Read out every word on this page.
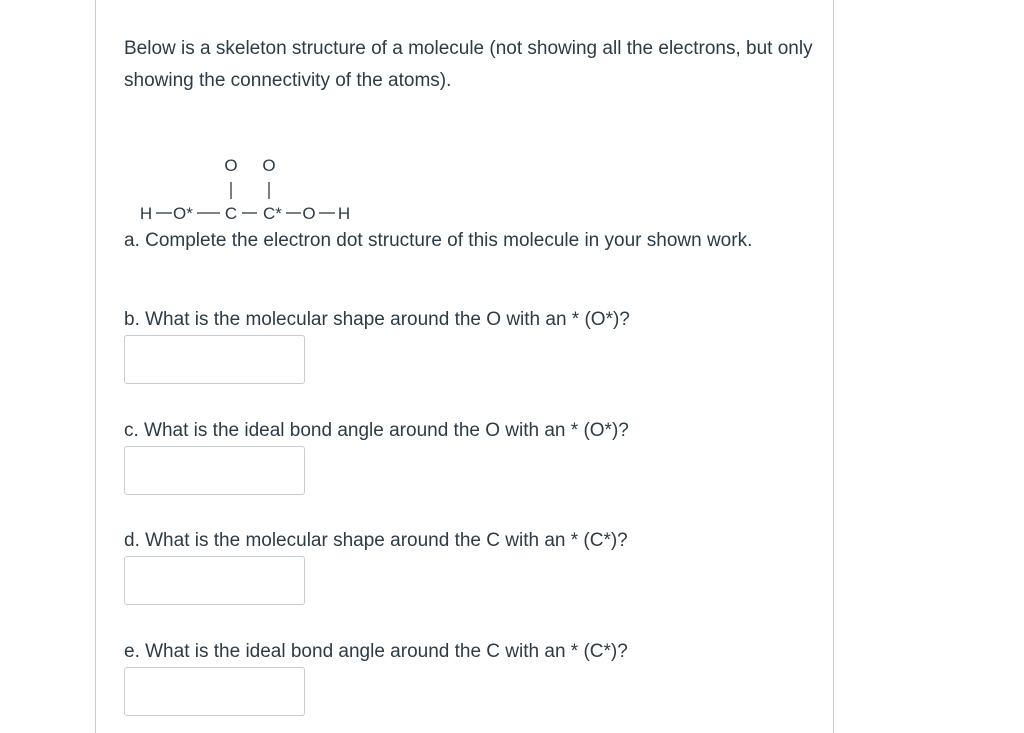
Below is a skeleton structure of a molecule (not showing all the electrons, but only showing the connectivity of the atoms).

O O
H O* C C* O H

a. Complete the electron dot structure of this molecule in your shown work.

b. What is the molecular shape around the O with an * (O*)?

c. What is the ideal bond angle around the O with an * (O*)?

d. What is the molecular shape around the C with an * (C*)?

e. What is the ideal bond angle around the C with an * (C*)?
